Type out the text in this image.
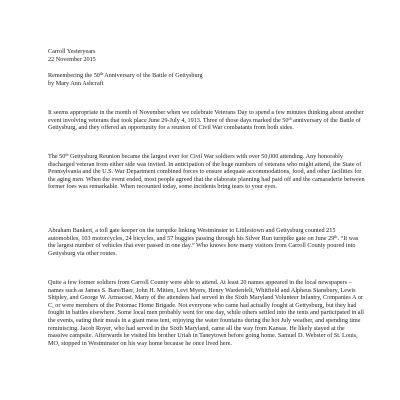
Carroll Yesteryears
22 November 2015
Remembering the 50th Anniversary of the Battle of Gettysburg
by Mary Ann Ashcraft

It seems appropriate in the month of November when we celebrate Veterans Day to spend a few minutes thinking about another event involving veterans that took place June 29-July 4, 1913. Three of those days marked the 50th anniversary of the Battle of Gettysburg, and they offered an opportunity for a reunion of Civil War combatants from both sides.

The 50th Gettysburg Reunion became the largest ever for Civil War soldiers with over 50,000 attending. Any honorably discharged veteran from either side was invited. In anticipation of the huge numbers of veterans who might attend, the State of Pennsylvania and the U.S. War Department combined forces to ensure adequate accommodations, food, and other facilities for the aging men. When the event ended, most people agreed that the elaborate planning had paid off and the camaraderie between former foes was remarkable. When recounted today, some incidents bring tears to your eyes.

Abraham Bankert, a toll gate keeper on the turnpike linking Westminster to Littlestown and Gettysburg counted 215 automobiles, 103 motorcycles, 24 bicycles, and 57 buggies passing through his Silver Run turnpike gate on June 29th. “It was the largest number of vehicles that ever passed in one day.” Who knows how many visitors from Carroll County poured into Gettysburg via other routes.

Quite a few former soldiers from Carroll County were able to attend. At least 20 names appeared in the local newspapers – names such as James S. Bare/Baer, John H. Mitten, Levi Myers, Henry Wardenfelt, Whitfield and Alpheus Stansbury, Lewis Shipley, and George W. Armacost. Many of the attendees had served in the Sixth Maryland Volunteer Infantry, Companies A or C, or were members of the Potomac Home Brigade. Not everyone who came had actually fought at Gettysburg, but they had fought in battles elsewhere. Some local men probably went for one day, while others settled into the tents and participated in all the events, eating their meals in a giant mess tent, enjoying the water fountains during the hot July weather, and spending time reminiscing. Jacob Royer, who had served in the Sixth Maryland, came all the way from Kansas. He likely stayed at the massive campsite. Afterwards he visited his brother Uriah in Taneytown before going home. Samuel D. Webster of St. Louis, MO, stopped in Westminster on his way home because he once lived here.
